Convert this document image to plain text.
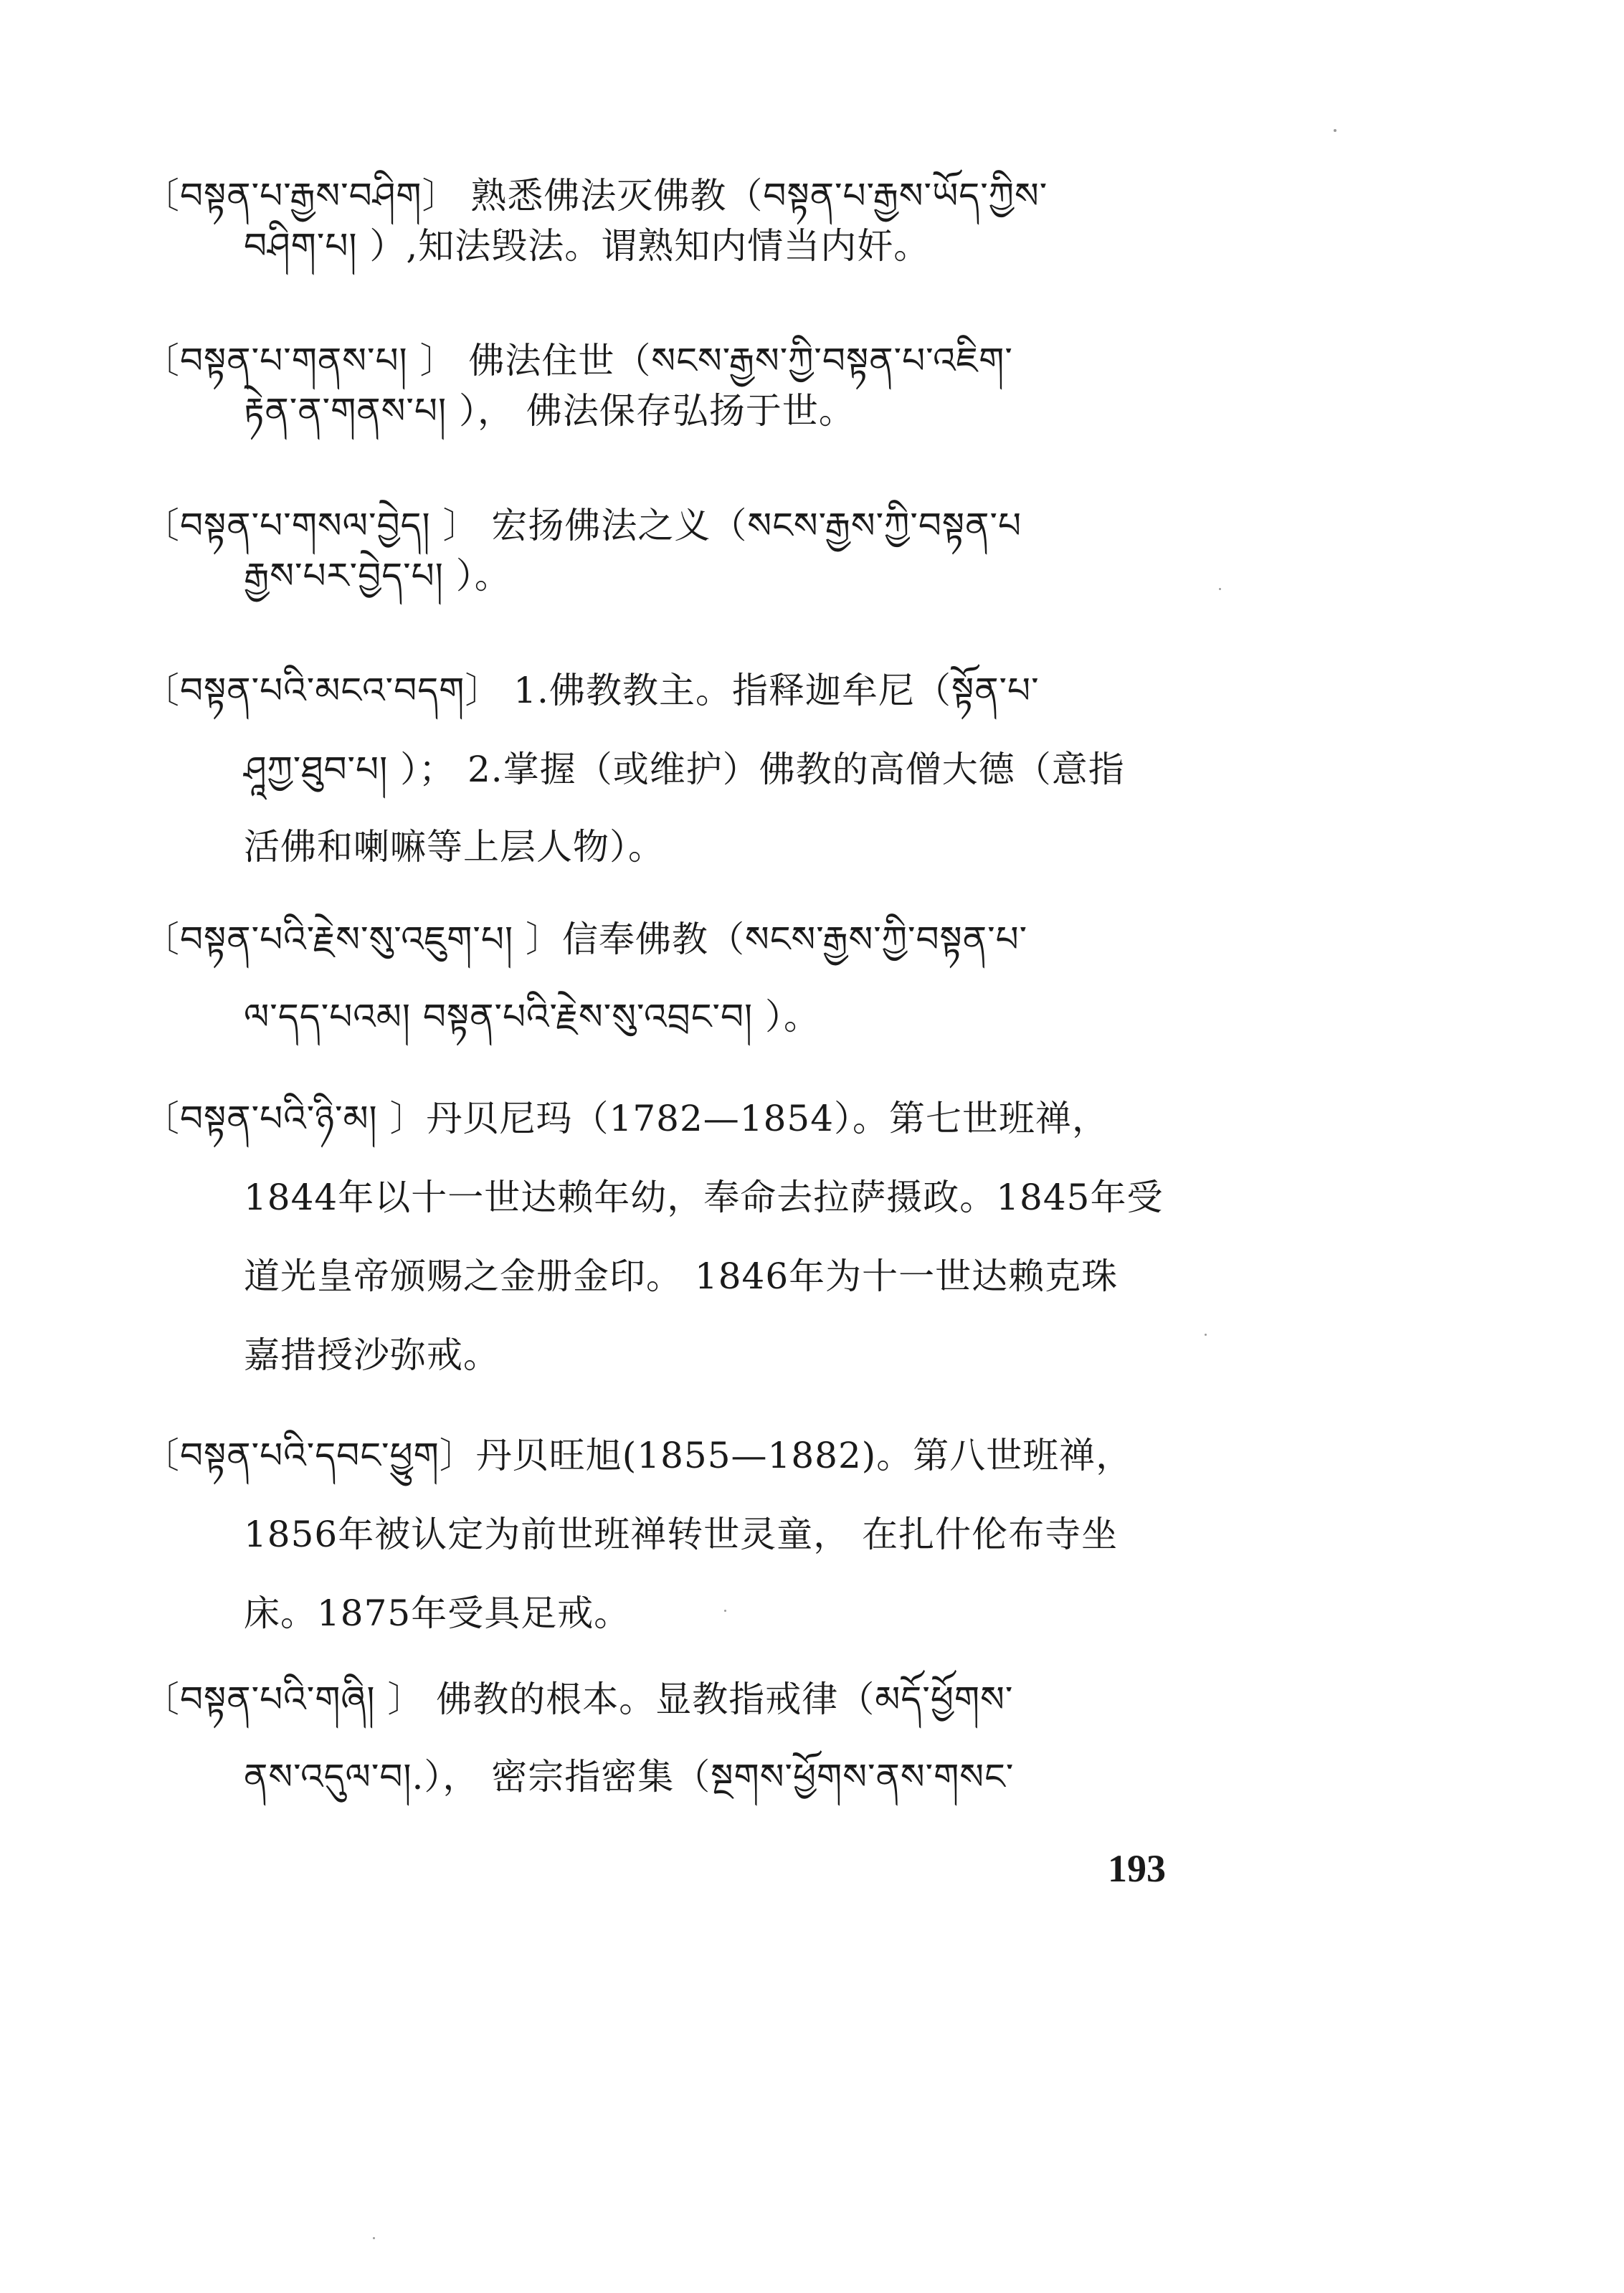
〔བསྟན་པ་རྒྱས་བཤིག〕 熟悉佛法灭佛教（བསྟན་པ་རྒྱས་ཡོད་ཀྱིས་
བཤིག་པ། ）,知法毁法。谓熟知内情当内奸。
〔བསྟན་པ་གནས་པ། 〕 佛法住世（སངས་རྒྱས་ཀྱི་བསྟན་པ་འཇིག་
རྟེན་ན་གནས་པ། ）， 佛法保存弘扬于世。
〔བསྟན་པ་གསལ་བྱེད། 〕 宏扬佛法之义（སངས་རྒྱས་ཀྱི་བསྟན་པ
རྒྱས་པར་བྱེད་པ། ）。
〔བསྟན་པའི་མངའ་བདག〕 1.佛教教主。指释迦牟尼（སྟོན་པ་
ཤཱཀྱ་ཐུབ་པ། ）； 2.掌握（或维护）佛教的高僧大德（意指
活佛和喇嘛等上层人物）。
〔བསྟན་པའི་རྗེས་སུ་འཇུག་པ། 〕信奉佛教（སངས་རྒྱས་ཀྱི་བསྟན་པ་
ལ་དད་པའམ། བསྟན་པའི་རྗེས་སུ་འབྲང་བ། ）。
〔བསྟན་པའི་ཉི་མ། 〕丹贝尼玛（1782—1854）。第七世班禅，
1844年以十一世达赖年幼，奉命去拉萨摄政。1845年受
道光皇帝颁赐之金册金印。 1846年为十一世达赖克珠
嘉措授沙弥戒。
〔བསྟན་པའི་དབང་ཕྱུག〕丹贝旺旭(1855—1882)。第八世班禅，
1856年被认定为前世班禅转世灵童， 在扎什伦布寺坐
床。1875年受具足戒。
〔བསྟན་པའི་གཞི། 〕 佛教的根本。显教指戒律（མདོ་ཕྱོགས་
ནས་འདུལ་བ།.）， 密宗指密集（སྔགས་ཕྱོགས་ནས་གསང་
193
